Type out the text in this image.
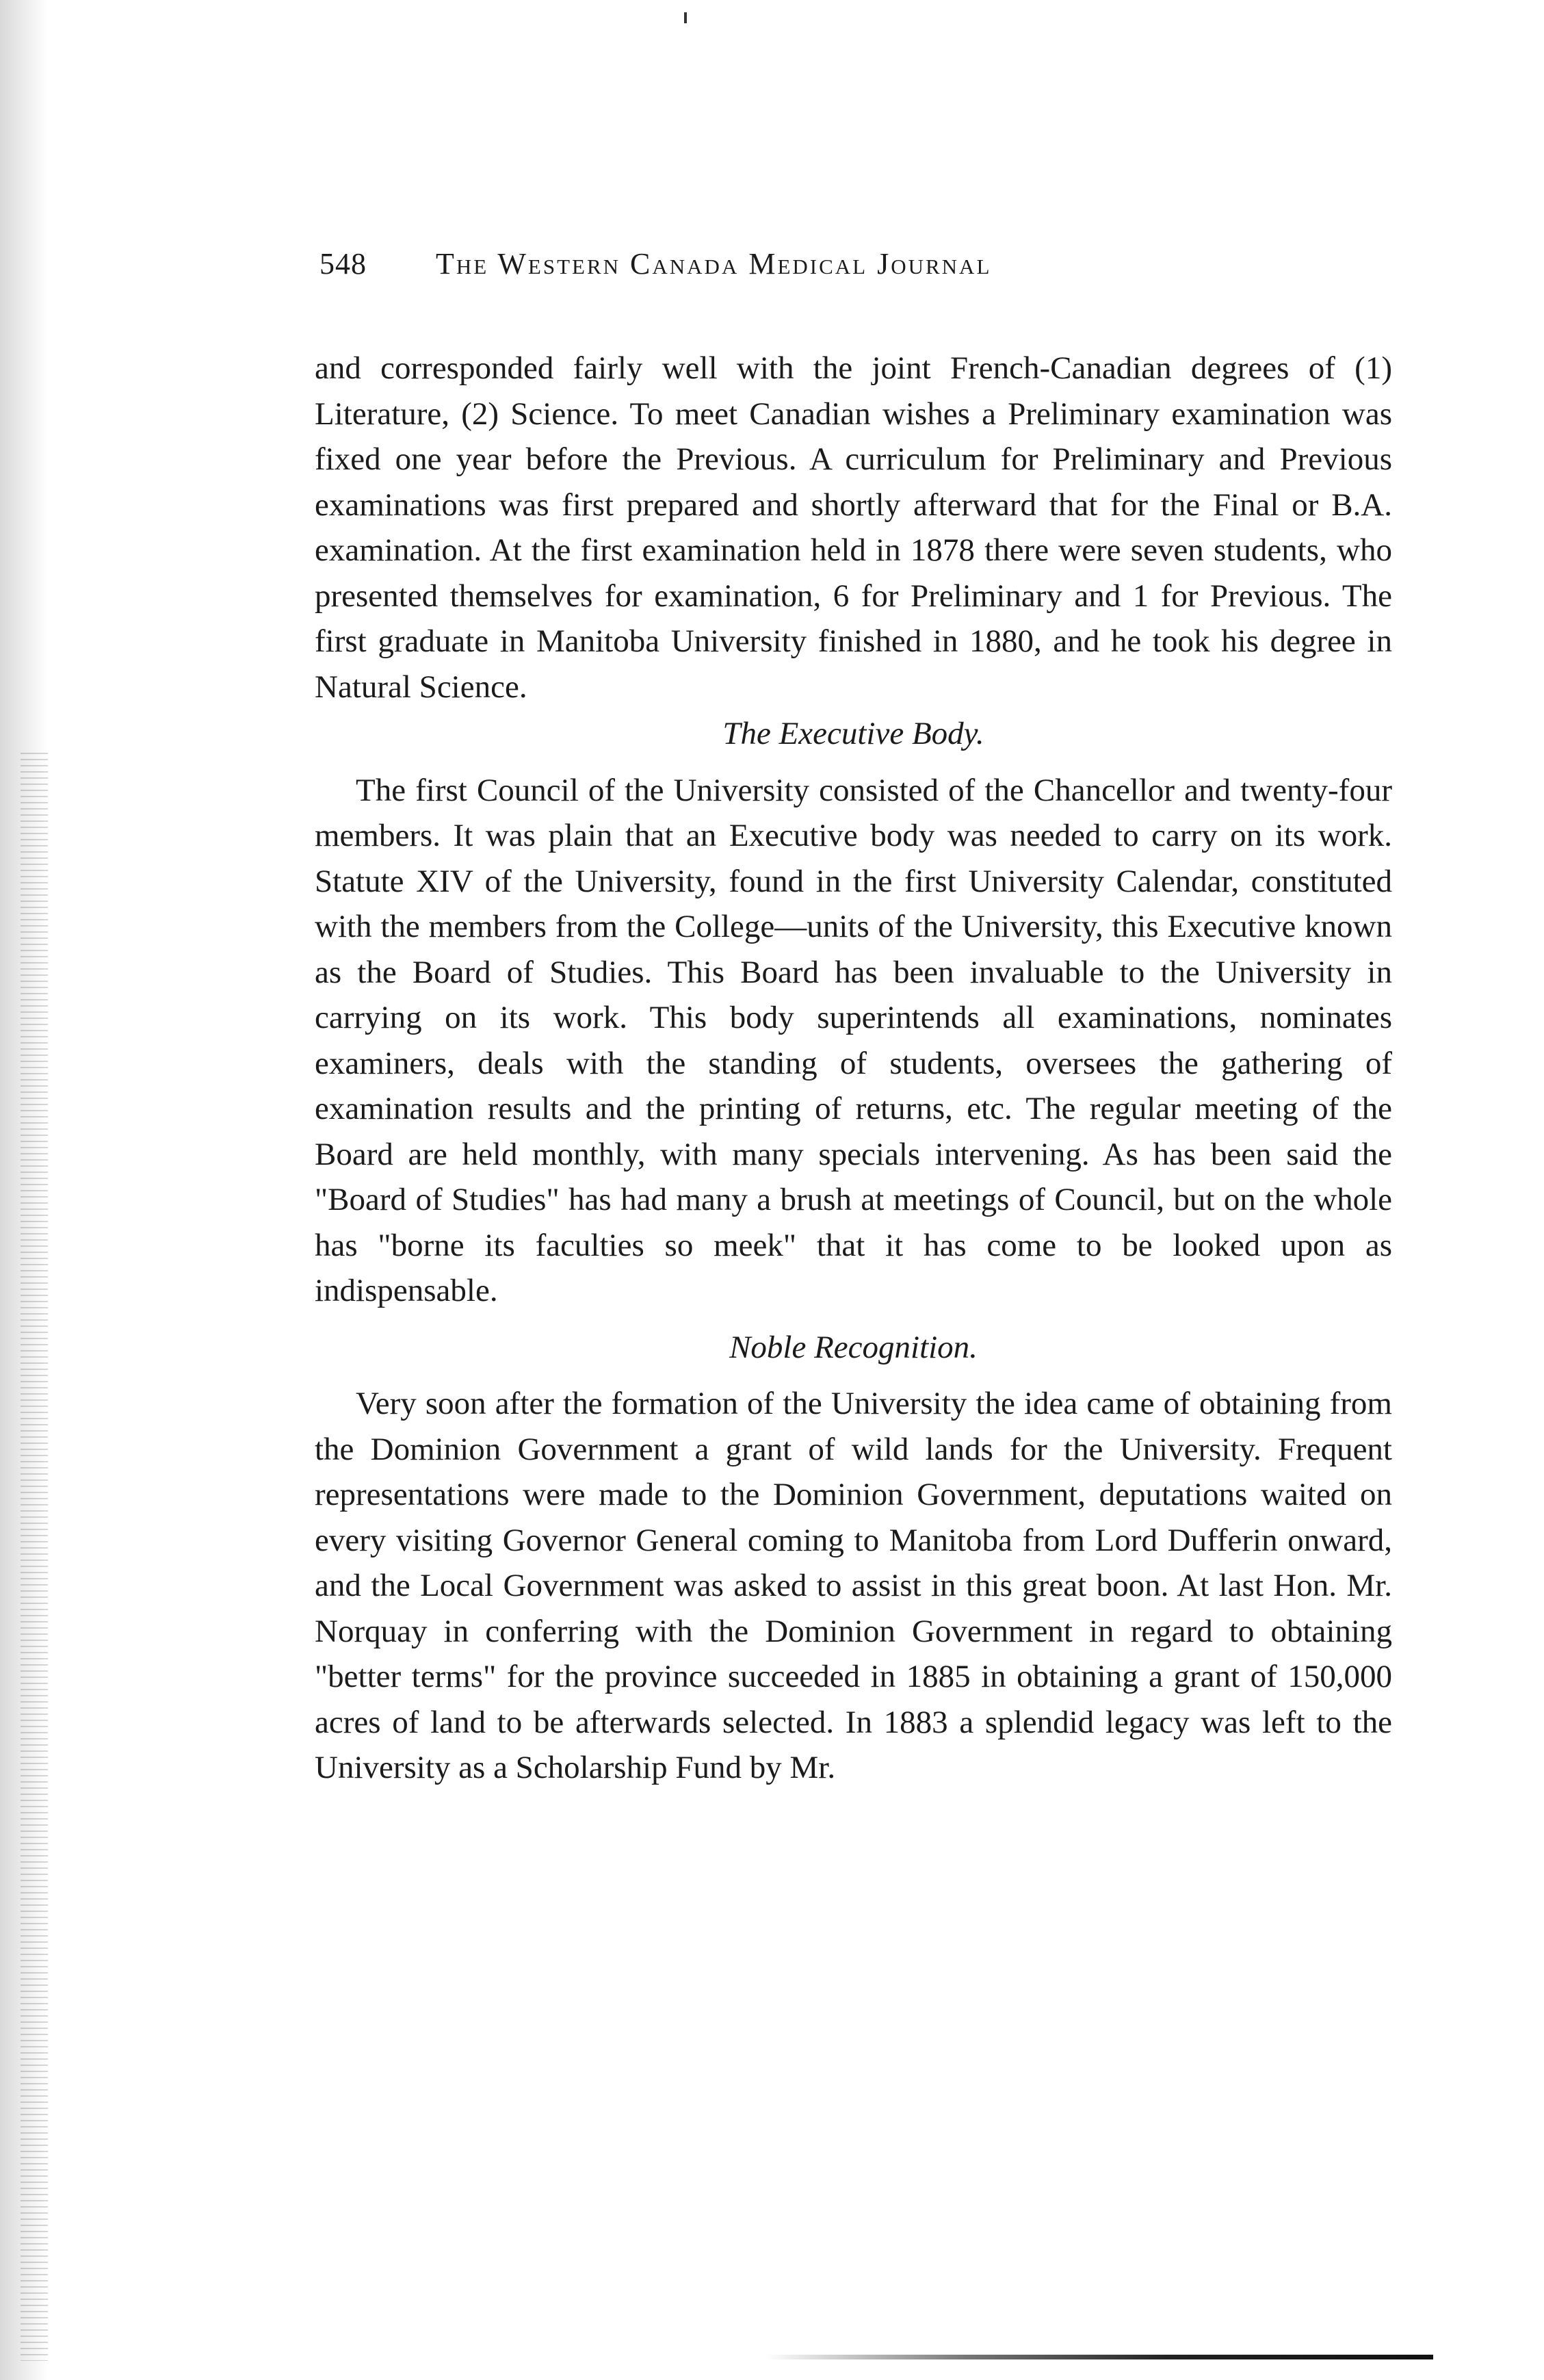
548 The Western Canada Medical Journal

and corresponded fairly well with the joint French-Canadian degrees of (1) Literature, (2) Science. To meet Canadian wishes a Preliminary examination was fixed one year before the Previous. A curriculum for Preliminary and Previous examinations was first prepared and shortly afterward that for the Final or B.A. examination. At the first examination held in 1878 there were seven students, who presented themselves for examination, 6 for Preliminary and 1 for Previous. The first graduate in Manitoba University finished in 1880, and he took his degree in Natural Science.

The Executive Body.

The first Council of the University consisted of the Chancellor and twenty-four members. It was plain that an Executive body was needed to carry on its work. Statute XIV of the University, found in the first University Calendar, constituted with the members from the College—units of the University, this Executive known as the Board of Studies. This Board has been invaluable to the University in carrying on its work. This body superintends all examinations, nominates examiners, deals with the standing of students, oversees the gathering of examination results and the printing of returns, etc. The regular meeting of the Board are held monthly, with many specials intervening. As has been said the "Board of Studies" has had many a brush at meetings of Council, but on the whole has "borne its faculties so meek" that it has come to be looked upon as indispensable.

Noble Recognition.

Very soon after the formation of the University the idea came of obtaining from the Dominion Government a grant of wild lands for the University. Frequent representations were made to the Dominion Government, deputations waited on every visiting Governor General coming to Manitoba from Lord Dufferin onward, and the Local Government was asked to assist in this great boon. At last Hon. Mr. Norquay in conferring with the Dominion Government in regard to obtaining "better terms" for the province succeeded in 1885 in obtaining a grant of 150,000 acres of land to be afterwards selected. In 1883 a splendid legacy was left to the University as a Scholarship Fund by Mr.
